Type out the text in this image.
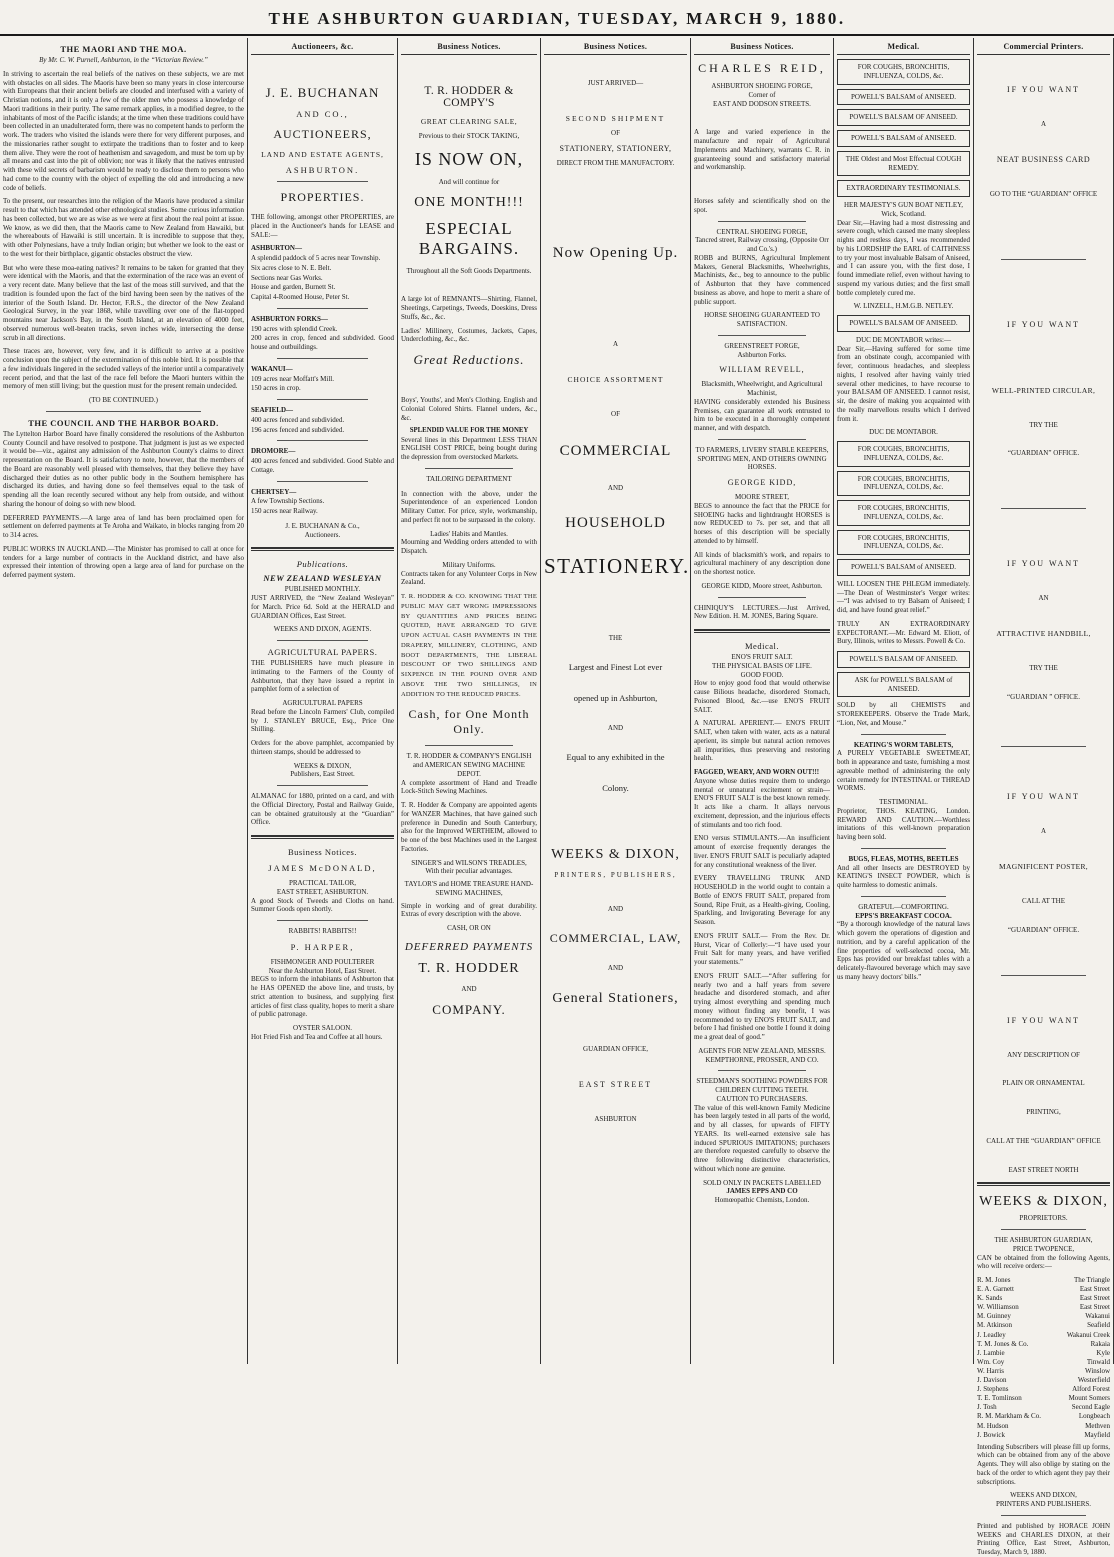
THE ASHBURTON GUARDIAN, TUESDAY, MARCH 9, 1880.
THE MAORI AND THE MOA.
By Mr. C. W. Purnell, Ashburton, in the “Victorian Review.”
In striving to ascertain the real beliefs of the natives on these subjects, we are met with obstacles on all sides. The Maoris have been so many years in close intercourse with Europeans that their ancient beliefs are clouded and interfused with a variety of Christian notions, and it is only a few of the older men who possess a knowledge of Maori traditions in their purity. The same remark applies, in a modified degree, to the inhabitants of most of the Pacific islands; at the time when these traditions could have been collected in an unadulterated form, there was no competent hands to perform the work. The traders who visited the islands were there for very different purposes, and the missionaries rather sought to extirpate the traditions than to foster and to keep them alive. They were the root of heathenism and savagedom, and must be torn up by all means and cast into the pit of oblivion; nor was it likely that the natives entrusted with these wild secrets of barbarism would be ready to disclose them to persons who had come to the country with the object of expelling the old and introducing a new code of beliefs.
To the present, our researches into the religion of the Maoris have produced a similar result to that which has attended other ethnological studies. Some curious information has been collected, but we are as wise as we were at first about the real point at issue. We know, as we did then, that the Maoris came to New Zealand from Hawaiki, but the whereabouts of Hawaiki is still uncertain. It is incredible to suppose that they, with other Polynesians, have a truly Indian origin; but whether we look to the east or to the west for their birthplace, gigantic obstacles obstruct the view.
But who were these moa-eating natives? It remains to be taken for granted that they were identical with the Maoris, and that the extermination of the race was an event of a very recent date. Many believe that the last of the moas still survived, and that the tradition is founded upon the fact of the bird having been seen by the natives of the interior of the South Island. Dr. Hector, F.R.S., the director of the New Zealand Geological Survey, in the year 1868, while travelling over one of the flat-topped mountains near Jackson's Bay, in the South Island, at an elevation of 4000 feet, observed numerous well-beaten tracks, seven inches wide, intersecting the dense scrub in all directions.
These traces are, however, very few, and it is difficult to arrive at a positive conclusion upon the subject of the extermination of this noble bird. It is possible that a few individuals lingered in the secluded valleys of the interior until a comparatively recent period, and that the last of the race fell before the Maori hunters within the memory of men still living; but the question must for the present remain undecided.
(TO BE CONTINUED.)
THE COUNCIL AND THE HARBOR BOARD.
The Lyttelton Harbor Board have finally considered the resolutions of the Ashburton County Council and have resolved to postpone. That judgment is just as we expected it would be—viz., against any admission of the Ashburton County's claims to direct representation on the Board. It is satisfactory to note, however, that the members of the Board are reasonably well pleased with themselves, that they believe they have discharged their duties as no other public body in the Southern hemisphere has discharged its duties, and having done so feel themselves equal to the task of spending all the loan recently secured without any help from outside, and without sharing the honour of doing so with new blood.
DEFERRED PAYMENTS.—A large area of land has been proclaimed open for settlement on deferred payments at Te Aroha and Waikato, in blocks ranging from 20 to 314 acres.
PUBLIC WORKS IN AUCKLAND.—The Minister has promised to call at once for tenders for a large number of contracts in the Auckland district, and have also expressed their intention of throwing open a large area of land for purchase on the deferred payment system.
Auctioneers, &c.
J. E. BUCHANAN
AND CO.,
AUCTIONEERS,
LAND AND ESTATE AGENTS,
ASHBURTON.
PROPERTIES.
THE following, amongst other PROPERTIES, are placed in the Auctioneer's hands for LEASE and SALE:—
ASHBURTON—
A splendid paddock of 5 acres near Township.
Six acres close to N. E. Belt.
Sections near Gas Works.
House and garden, Burnett St.
Capital 4-Roomed House, Peter St.
ASHBURTON FORKS—
190 acres with splendid Creek.
200 acres in crop, fenced and subdivided. Good house and outbuildings.
WAKANUI—
109 acres near Moffatt's Mill.
150 acres in crop.
SEAFIELD—
400 acres fenced and subdivided.
196 acres fenced and subdivided.
DROMORE—
400 acres fenced and subdivided. Good Stable and Cottage.
CHERTSEY—
A few Township Sections.
150 acres near Railway.
J. E. BUCHANAN & Co.,
Auctioneers.
Publications.
NEW ZEALAND WESLEYAN
PUBLISHED MONTHLY.
JUST ARRIVED, the “New Zealand Wesleyan” for March. Price 6d. Sold at the HERALD and GUARDIAN Offices, East Street.
WEEKS AND DIXON, AGENTS.
AGRICULTURAL PAPERS.
THE PUBLISHERS have much pleasure in intimating to the Farmers of the County of Ashburton, that they have issued a reprint in pamphlet form of a selection of
AGRICULTURAL PAPERS
Read before the Lincoln Farmers' Club, compiled by J. STANLEY BRUCE, Esq., Price One Shilling.
Orders for the above pamphlet, accompanied by thirteen stamps, should be addressed to
WEEKS & DIXON,
Publishers, East Street.
ALMANAC for 1880, printed on a card, and with the Official Directory, Postal and Railway Guide, can be obtained gratuitously at the “Guardian” Office.
Business Notices.
JAMES McDONALD,
PRACTICAL TAILOR,
EAST STREET, ASHBURTON.
A good Stock of Tweeds and Cloths on hand. Summer Goods open shortly.
RABBITS! RABBITS!!
P. HARPER,
FISHMONGER AND POULTERER
Near the Ashburton Hotel, East Street.
BEGS to inform the inhabitants of Ashburton that he HAS OPENED the above line, and trusts, by strict attention to business, and supplying first articles of first class quality, hopes to merit a share of public patronage.
OYSTER SALOON.
Hot Fried Fish and Tea and Coffee at all hours.
Business Notices.
T. R. HODDER & COMPY'S
GREAT CLEARING SALE,
Previous to their STOCK TAKING,
IS NOW ON,
And will continue for
ONE MONTH!!!
ESPECIAL
BARGAINS.
Throughout all the Soft Goods Departments.
A large lot of REMNANTS—Shirting, Flannel, Sheetings, Carpetings, Tweeds, Doeskins, Dress Stuffs, &c., &c.
Ladies' Millinery, Costumes, Jackets, Capes, Underclothing, &c., &c.
Great Reductions.
Boys', Youths', and Men's Clothing. English and Colonial Colored Shirts. Flannel unders, &c., &c.
SPLENDID VALUE FOR THE MONEY
Several lines in this Department LESS THAN ENGLISH COST PRICE, being bought during the depression from overstocked Markets.
TAILORING DEPARTMENT
In connection with the above, under the Superintendence of an experienced London Military Cutter. For price, style, workmanship, and perfect fit not to be surpassed in the colony.
Ladies' Habits and Mantles.
Mourning and Wedding orders attended to with Dispatch.
Military Uniforms.
Contracts taken for any Volunteer Corps in New Zealand.
T. R. HODDER & CO. KNOWING THAT THE PUBLIC MAY GET WRONG IMPRESSIONS BY QUANTITIES AND PRICES BEING QUOTED, HAVE ARRANGED TO GIVE UPON ACTUAL CASH PAYMENTS IN THE DRAPERY, MILLINERY, CLOTHING, AND BOOT DEPARTMENTS, THE LIBERAL DISCOUNT OF TWO SHILLINGS AND SIXPENCE IN THE POUND OVER AND ABOVE THE TWO SHILLINGS, IN ADDITION TO THE REDUCED PRICES.
Cash, for One Month Only.
T. R. HODDER & COMPANY'S ENGLISH and AMERICAN SEWING MACHINE DEPOT.
A complete assortment of Hand and Treadle Lock-Stitch Sewing Machines.
T. R. Hodder & Company are appointed agents for WANZER Machines, that have gained such preference in Dunedin and South Canterbury, also for the Improved WERTHEIM, allowed to be one of the best Machines used in the Largest Factories.
SINGER'S and WILSON'S TREADLES,
With their peculiar advantages.
TAYLOR'S and HOME TREASURE HAND-SEWING MACHINES,
Simple in working and of great durability. Extras of every description with the above.
CASH, OR ON
DEFERRED PAYMENTS
T. R. HODDER
AND
COMPANY.
Business Notices.
JUST ARRIVED—
SECOND SHIPMENT
OF
STATIONERY, STATIONERY,
DIRECT FROM THE MANUFACTORY.
Now Opening Up.
A
CHOICE ASSORTMENT
OF
COMMERCIAL
AND
HOUSEHOLD
STATIONERY.
THE
Largest and Finest Lot ever
opened up in Ashburton,
AND
Equal to any exhibited in the
Colony.
WEEKS & DIXON,
PRINTERS, PUBLISHERS,
AND
COMMERCIAL, LAW,
AND
General Stationers,
GUARDIAN OFFICE,
EAST STREET
ASHBURTON
Business Notices.
CHARLES REID,
ASHBURTON SHOEING FORGE,
Corner of
EAST AND DODSON STREETS.
A large and varied experience in the manufacture and repair of Agricultural Implements and Machinery, warrants C. R. in guaranteeing sound and satisfactory material and workmanship.
Horses safely and scientifically shod on the spot.
CENTRAL SHOEING FORGE,
Tancred street, Railway crossing, (Opposite Orr and Co.'s.)
ROBB and BURNS, Agricultural Implement Makers, General Blacksmiths, Wheelwrights, Machinists, &c., beg to announce to the public of Ashburton that they have commenced business as above, and hope to merit a share of public support.
HORSE SHOEING GUARANTEED TO SATISFACTION.
GREENSTREET FORGE,
Ashburton Forks.
WILLIAM REVELL,
Blacksmith, Wheelwright, and Agricultural Machinist,
HAVING considerably extended his Business Premises, can guarantee all work entrusted to him to be executed in a thoroughly competent manner, and with despatch.
TO FARMERS, LIVERY STABLE KEEPERS, SPORTING MEN, AND OTHERS OWNING HORSES.
GEORGE KIDD,
MOORE STREET,
BEGS to announce the fact that the PRICE for SHOEING hacks and lightdraught HORSES is now REDUCED to 7s. per set, and that all horses of this description will be specially attended to by himself.
All kinds of blacksmith's work, and repairs to agricultural machinery of any description done on the shortest notice.
GEORGE KIDD, Moore street, Ashburton.
CHINIQUY'S LECTURES.—Just Arrived, New Edition. H. M. JONES, Baring Square.
Medical.
ENO'S FRUIT SALT.
THE PHYSICAL BASIS OF LIFE.
GOOD FOOD.
How to enjoy good food that would otherwise cause Bilious headache, disordered Stomach, Poisoned Blood, &c.—use ENO'S FRUIT SALT.
A NATURAL APERIENT.— ENO'S FRUIT SALT, when taken with water, acts as a natural aperient, its simple but natural action removes all impurities, thus preserving and restoring health.
FAGGED, WEARY, AND WORN OUT!!!
Anyone whose duties require them to undergo mental or unnatural excitement or strain—ENO'S FRUIT SALT is the best known remedy. It acts like a charm. It allays nervous excitement, depression, and the injurious effects of stimulants and too rich food.
ENO versus STIMULANTS.—An insufficient amount of exercise frequently deranges the liver. ENO'S FRUIT SALT is peculiarly adapted for any constitutional weakness of the liver.
EVERY TRAVELLING TRUNK AND HOUSEHOLD in the world ought to contain a Bottle of ENO'S FRUIT SALT, prepared from Sound, Ripe Fruit, as a Health-giving, Cooling, Sparkling, and Invigorating Beverage for any Season.
ENO'S FRUIT SALT.— From the Rev. Dr. Hurst, Vicar of Collerly:—“I have used your Fruit Salt for many years, and have verified your statements.”
ENO'S FRUIT SALT.—“After suffering for nearly two and a half years from severe headache and disordered stomach, and after trying almost everything and spending much money without finding any benefit, I was recommended to try ENO'S FRUIT SALT, and before I had finished one bottle I found it doing me a great deal of good.”
AGENTS FOR NEW ZEALAND, MESSRS. KEMPTHORNE, PROSSER, AND CO.
STEEDMAN'S SOOTHING POWDERS FOR CHILDREN CUTTING TEETH.
CAUTION TO PURCHASERS.
The value of this well-known Family Medicine has been largely tested in all parts of the world, and by all classes, for upwards of FIFTY YEARS. Its well-earned extensive sale has induced SPURIOUS IMITATIONS; purchasers are therefore requested carefully to observe the three following distinctive characteristics, without which none are genuine.
SOLD ONLY IN PACKETS LABELLED
JAMES EPPS AND CO
Homœopathic Chemists, London.
Medical.
FOR COUGHS, BRONCHITIS, INFLUENZA, COLDS, &c.
POWELL'S BALSAM of ANISEED.
POWELL'S BALSAM OF ANISEED.
POWELL'S BALSAM of ANISEED.
THE Oldest and Most Effectual COUGH REMEDY.
EXTRAORDINARY TESTIMONIALS.
HER MAJESTY'S GUN BOAT NETLEY, Wick, Scotland.
Dear Sir,—Having had a most distressing and severe cough, which caused me many sleepless nights and restless days, I was recommended by his LORDSHIP the EARL of CAITHNESS to try your most invaluable Balsam of Aniseed, and I can assure you, with the first dose, I found immediate relief, even without having to suspend my various duties; and the first small bottle completely cured me.
W. LINZELL, H.M.G.B. NETLEY.
POWELL'S BALSAM OF ANISEED.
DUC DE MONTABOR writes:—
Dear Sir,—Having suffered for some time from an obstinate cough, accompanied with fever, continuous headaches, and sleepless nights, I resolved after having vainly tried several other medicines, to have recourse to your BALSAM OF ANISEED. I cannot resist, sir, the desire of making you acquainted with the really marvellous results which I derived from it.
DUC DE MONTABOR.
FOR COUGHS, BRONCHITIS, INFLUENZA, COLDS, &c.
FOR COUGHS, BRONCHITIS, INFLUENZA, COLDS, &c.
FOR COUGHS, BRONCHITIS, INFLUENZA, COLDS, &c.
FOR COUGHS, BRONCHITIS, INFLUENZA, COLDS, &c.
POWELL'S BALSAM of ANISEED.
WILL LOOSEN THE PHLEGM immediately.—The Dean of Westminster's Verger writes:—“I was advised to try Balsam of Aniseed; I did, and have found great relief.”
TRULY AN EXTRAORDINARY EXPECTORANT.—Mr. Edward M. Eliott, of Bury, Illinois, writes to Messrs. Powell & Co.
POWELL'S BALSAM OF ANISEED.
ASK for POWELL'S BALSAM of ANISEED.
SOLD by all CHEMISTS and STOREKEEPERS. Observe the Trade Mark, “Lion, Net, and Mouse.”
KEATING'S WORM TABLETS,
A PURELY VEGETABLE SWEETMEAT, both in appearance and taste, furnishing a most agreeable method of administering the only certain remedy for INTESTINAL or THREAD WORMS.
TESTIMONIAL.
Proprietor, THOS. KEATING, London. REWARD AND CAUTION.—Worthless imitations of this well-known preparation having been sold.
BUGS, FLEAS, MOTHS, BEETLES
And all other Insects are DESTROYED by KEATING'S INSECT POWDER, which is quite harmless to domestic animals.
GRATEFUL—COMFORTING.
EPPS'S BREAKFAST COCOA.
“By a thorough knowledge of the natural laws which govern the operations of digestion and nutrition, and by a careful application of the fine properties of well-selected cocoa, Mr. Epps has provided our breakfast tables with a delicately-flavoured beverage which may save us many heavy doctors' bills.”
Commercial Printers.
IF YOU WANT
A
NEAT BUSINESS CARD
GO TO THE “GUARDIAN” OFFICE
IF YOU WANT
WELL-PRINTED CIRCULAR,
TRY THE
“GUARDIAN” OFFICE.
IF YOU WANT
AN
ATTRACTIVE HANDBILL,
TRY THE
“GUARDIAN ” OFFICE.
IF YOU WANT
A
MAGNIFICENT POSTER,
CALL AT THE
“GUARDIAN” OFFICE.
IF YOU WANT
ANY DESCRIPTION OF
PLAIN OR ORNAMENTAL
PRINTING,
CALL AT THE “GUARDIAN” OFFICE
EAST STREET NORTH
WEEKS & DIXON,
PROPRIETORS.
THE ASHBURTON GUARDIAN,
PRICE TWOPENCE,
CAN be obtained from the following Agents, who will receive orders:—
R. M. Jones	The Triangle
E. A. Garnett	East Street
K. Sands	East Street
W. Williamson	East Street
M. Guinney	Wakanui
M. Atkinson	Seafield
J. Leadley	Wakanui Creek
T. M. Jones & Co.	Rakaia
J. Lambie	Kyle
Wm. Coy	Tinwald
W. Harris	Winslow
J. Davison	Westerfield
J. Stephens	Alford Forest
T. E. Tomlinson	Mount Somers
J. Tosh	Second Eagle
R. M. Markham & Co.	Longbeach
M. Hudson	Methven
J. Bowick	Mayfield
Intending Subscribers will please fill up forms, which can be obtained from any of the above Agents. They will also oblige by stating on the back of the order to which agent they pay their subscriptions.
WEEKS AND DIXON,
PRINTERS AND PUBLISHERS.
Printed and published by HORACE JOHN WEEKS and CHARLES DIXON, at their Printing Office, East Street, Ashburton, Tuesday, March 9, 1880.
